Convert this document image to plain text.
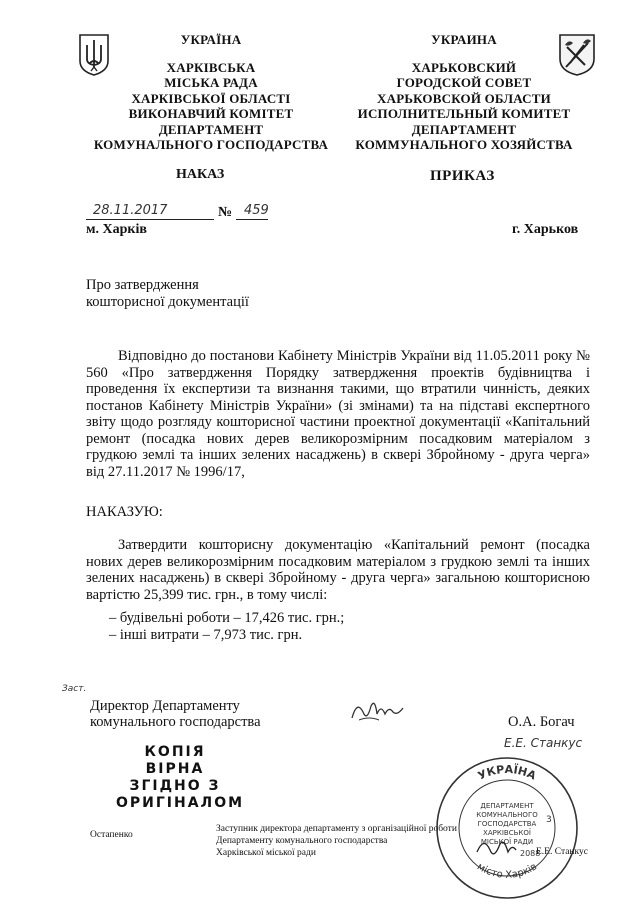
УКРАЇНА
ХАРКІВСЬКА
МІСЬКА РАДА
ХАРКІВСЬКОЇ ОБЛАСТІ
ВИКОНАВЧИЙ КОМІТЕТ
ДЕПАРТАМЕНТ
КОМУНАЛЬНОГО ГОСПОДАРСТВА
УКРАИНА
ХАРЬКОВСКИЙ
ГОРОДСКОЙ СОВЕТ
ХАРЬКОВСКОЙ ОБЛАСТИ
ИСПОЛНИТЕЛЬНЫЙ КОМИТЕТ
ДЕПАРТАМЕНТ
КОММУНАЛЬНОГО ХОЗЯЙСТВА
НАКАЗ	ПРИКАЗ
28.11.2017	№ 459
м. Харків	г. Харьков
Про затвердження
кошторисної документації
Відповідно до постанови Кабінету Міністрів України від 11.05.2011 року № 560 «Про затвердження Порядку затвердження проектів будівництва і проведення їх експертизи та визнання такими, що втратили чинність, деяких постанов Кабінету Міністрів України» (зі змінами) та на підставі експертного звіту щодо розгляду кошторисної частини проектної документації «Капітальний ремонт (посадка нових дерев великорозмірним посадковим матеріалом з грудкою землі та інших зелених насаджень) в сквері Збройному - друга черга» від 27.11.2017 № 1996/17,
НАКАЗУЮ:
Затвердити кошторисну документацію «Капітальний ремонт (посадка нових дерев великорозмірним посадковим матеріалом з грудкою землі та інших зелених насаджень) в сквері Збройному - друга черга» загальною кошторисною вартістю 25,399 тис. грн., в тому числі:
– будівельні роботи – 17,426 тис. грн.;
– інші витрати – 7,973 тис. грн.
Заст.
Директор Департаменту
комунального господарства	О.А. Богач
Е.Е. Станкус
КОПІЯ ВІРНА
ЗГІДНО З
ОРИГІНАЛОМ
УКРАЇНА
місто Харків
ДЕПАРТАМЕНТ
КОМУНАЛЬНОГО
ГОСПОДАРСТВА
ХАРКІВСЬКОЇ
МІСЬКОЇ РАДИ
2088
3
Остапенко
Заступник директора департаменту з організаційної роботи
Департаменту комунального господарства
Харківської міської ради	Е.Е. Станкус
